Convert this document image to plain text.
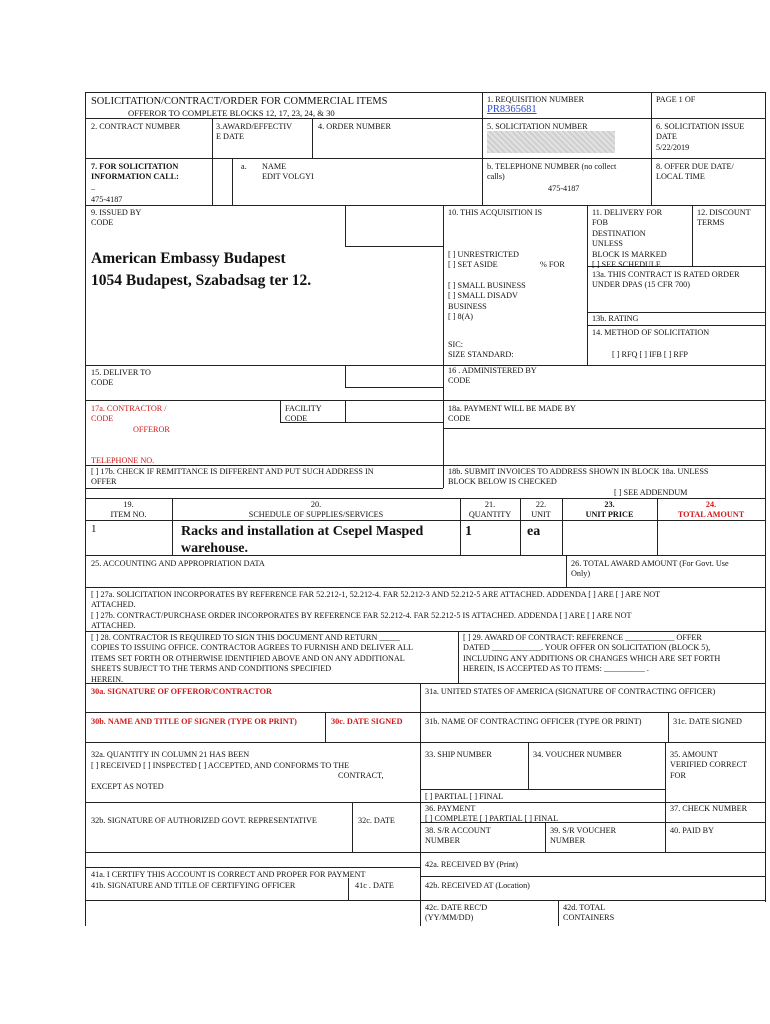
SOLICITATION/CONTRACT/ORDER FOR COMMERCIAL ITEMS
OFFEROR TO COMPLETE BLOCKS 12, 17, 23, 24, & 30
1. REQUISITION NUMBER
PR8365681
PAGE 1 OF
2. CONTRACT NUMBER	3.AWARD/EFFECTIV
E DATE
4. ORDER NUMBER	5. SOLICITATION NUMBER	6. SOLICITATION ISSUE
DATE
5/22/2019
7. FOR SOLICITATION
INFORMATION CALL:
–
475-4187
a. NAME
EDIT VOLGYI
b. TELEPHONE NUMBER (no collect
calls)
475-4187
8. OFFER DUE DATE/
LOCAL TIME
9. ISSUED BY
CODE
American Embassy Budapest
1054 Budapest, Szabadsag ter 12.
10. THIS ACQUISITION IS
[ ] UNRESTRICTED
[ ] SET ASIDE	% FOR
[ ] SMALL BUSINESS
[ ] SMALL DISADV
BUSINESS
[ ] 8(A)
SIC:
SIZE STANDARD:
11. DELIVERY FOR
FOB
DESTINATION
UNLESS
BLOCK IS MARKED
[ ] SEE SCHEDULE
12. DISCOUNT
TERMS
13a. THIS CONTRACT IS RATED ORDER
UNDER DPAS (15 CFR 700)
13b. RATING
14. METHOD OF SOLICITATION
[ ] RFQ [ ] IFB [ ] RFP
15. DELIVER TO
CODE
16 . ADMINISTERED BY
CODE
17a. CONTRACTOR /
CODE
OFFEROR
FACILITY
CODE
TELEPHONE NO.
[ ] 17b. CHECK IF REMITTANCE IS DIFFERENT AND PUT SUCH ADDRESS IN
OFFER
18a. PAYMENT WILL BE MADE BY
CODE
18b. SUBMIT INVOICES TO ADDRESS SHOWN IN BLOCK 18a. UNLESS
BLOCK BELOW IS CHECKED
[ ] SEE ADDENDUM
19.
ITEM NO.
20.
SCHEDULE OF SUPPLIES/SERVICES
21.
QUANTITY
22.
UNIT
23.
UNIT PRICE
24.
TOTAL AMOUNT
1	Racks and installation at Csepel Masped
warehouse.
1	ea
25. ACCOUNTING AND APPROPRIATION DATA	26. TOTAL AWARD AMOUNT (For Govt. Use
Only)
[ ] 27a. SOLICITATION INCORPORATES BY REFERENCE FAR 52.212-1, 52.212-4. FAR 52.212-3 AND 52.212-5 ARE ATTACHED. ADDENDA [ ] ARE [ ] ARE NOT
ATTACHED.
[ ] 27b. CONTRACT/PURCHASE ORDER INCORPORATES BY REFERENCE FAR 52.212-4. FAR 52.212-5 IS ATTACHED. ADDENDA [ ] ARE [ ] ARE NOT
ATTACHED.
[ ] 28. CONTRACTOR IS REQUIRED TO SIGN THIS DOCUMENT AND RETURN _____
COPIES TO ISSUING OFFICE. CONTRACTOR AGREES TO FURNISH AND DELIVER ALL
ITEMS SET FORTH OR OTHERWISE IDENTIFIED ABOVE AND ON ANY ADDITIONAL
SHEETS SUBJECT TO THE TERMS AND CONDITIONS SPECIFIED
HEREIN.
[ ] 29. AWARD OF CONTRACT: REFERENCE ____________ OFFER
DATED ____________. YOUR OFFER ON SOLICITATION (BLOCK 5),
INCLUDING ANY ADDITIONS OR CHANGES WHICH ARE SET FORTH
HEREIN, IS ACCEPTED AS TO ITEMS: __________ .
30a. SIGNATURE OF OFFEROR/CONTRACTOR	31a. UNITED STATES OF AMERICA (SIGNATURE OF CONTRACTING OFFICER)
30b. NAME AND TITLE OF SIGNER (TYPE OR PRINT)	30c. DATE SIGNED	31b. NAME OF CONTRACTING OFFICER (TYPE OR PRINT)	31c. DATE SIGNED
32a. QUANTITY IN COLUMN 21 HAS BEEN
[ ] RECEIVED [ ] INSPECTED [ ] ACCEPTED, AND CONFORMS TO THE
CONTRACT,
EXCEPT AS NOTED
33. SHIP NUMBER	34. VOUCHER NUMBER	35. AMOUNT
VERIFIED CORRECT
FOR
[ ] PARTIAL [ ] FINAL
36. PAYMENT
[ ] COMPLETE [ ] PARTIAL [ ] FINAL
37. CHECK NUMBER
32b. SIGNATURE OF AUTHORIZED GOVT. REPRESENTATIVE	32c. DATE
38. S/R ACCOUNT
NUMBER
39. S/R VOUCHER
NUMBER
40. PAID BY
42a. RECEIVED BY (Print)
41a. I CERTIFY THIS ACCOUNT IS CORRECT AND PROPER FOR PAYMENT
41b. SIGNATURE AND TITLE OF CERTIFYING OFFICER	41c . DATE	42b. RECEIVED AT (Location)
42c. DATE REC'D
(YY/MM/DD)
42d. TOTAL
CONTAINERS
